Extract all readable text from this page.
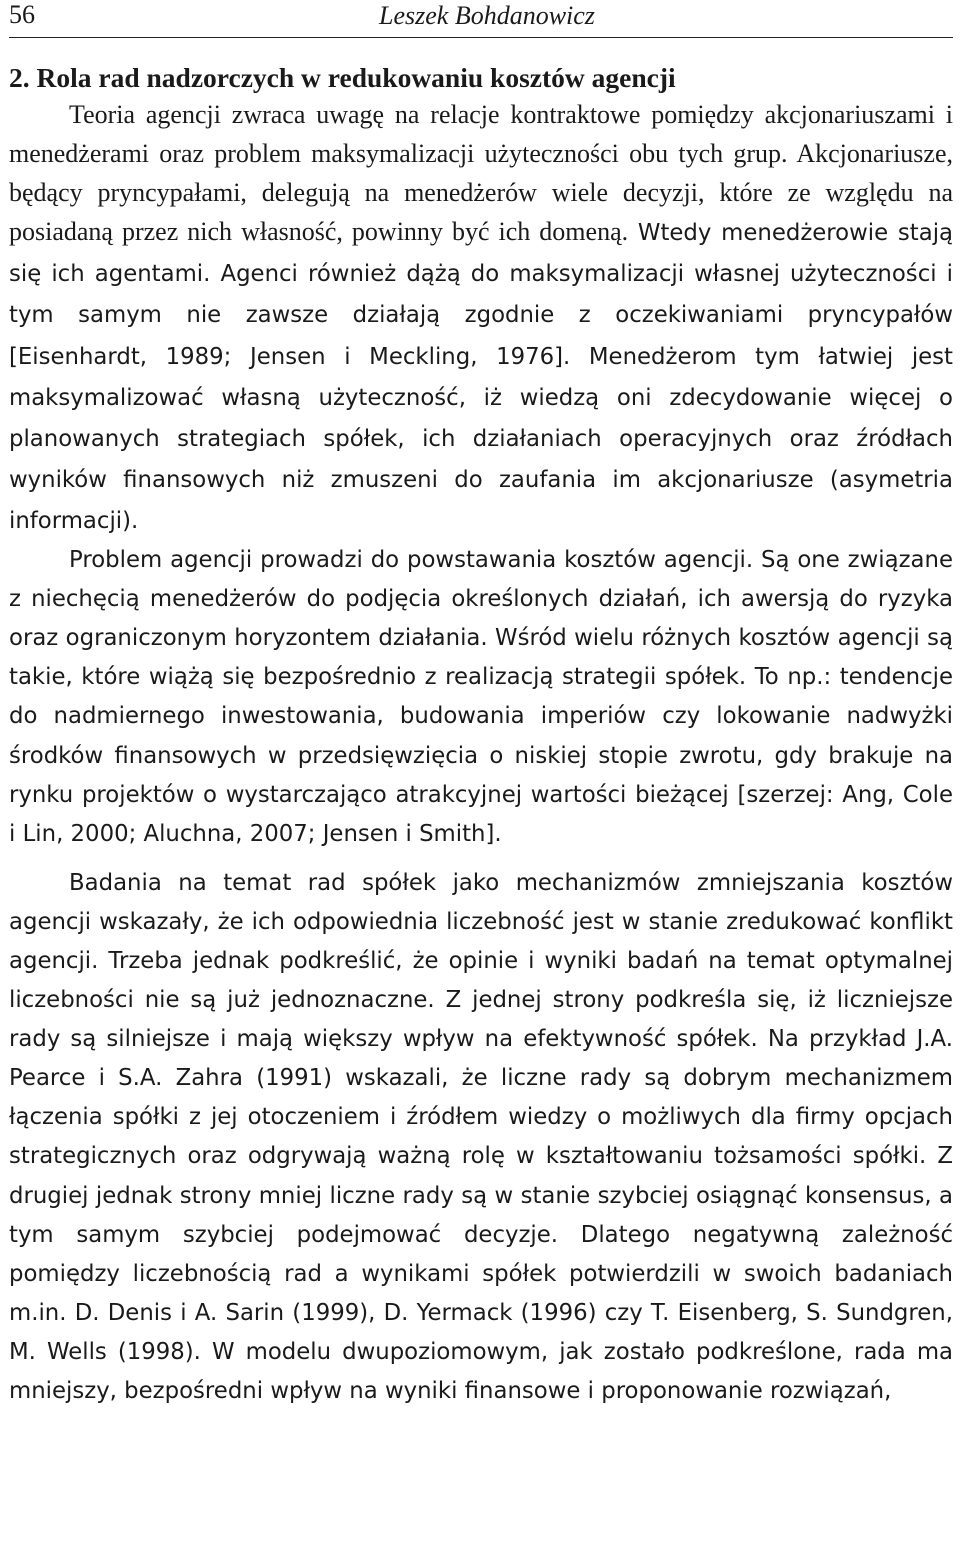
56	Leszek Bohdanowicz
2. Rola rad nadzorczych w redukowaniu kosztów agencji

Teoria agencji zwraca uwagę na relacje kontraktowe pomiędzy akcjonariuszami i menedżerami oraz problem maksymalizacji użyteczności obu tych grup. Akcjonariusze, będący pryncypałami, delegują na menedżerów wiele decyzji, które ze względu na posiadaną przez nich własność, powinny być ich domeną. Wtedy menedżerowie stają się ich agentami. Agenci również dążą do maksymalizacji własnej użyteczności i tym samym nie zawsze działają zgodnie z oczekiwaniami pryncypałów [Eisenhardt, 1989; Jensen i Meckling, 1976]. Menedżerom tym łatwiej jest maksymalizować własną użyteczność, iż wiedzą oni zdecydowanie więcej o planowanych strategiach spółek, ich działaniach operacyjnych oraz źródłach wyników finansowych niż zmuszeni do zaufania im akcjonariusze (asymetria informacji).

Problem agencji prowadzi do powstawania kosztów agencji. Są one związane z niechęcią menedżerów do podjęcia określonych działań, ich awersją do ryzyka oraz ograniczonym horyzontem działania. Wśród wielu różnych kosztów agencji są takie, które wiążą się bezpośrednio z realizacją strategii spółek. To np.: tendencje do nadmiernego inwestowania, budowania imperiów czy lokowanie nadwyżki środków finansowych w przedsięwzięcia o niskiej stopie zwrotu, gdy brakuje na rynku projektów o wystarczająco atrakcyjnej wartości bieżącej [szerzej: Ang, Cole i Lin, 2000; Aluchna, 2007; Jensen i Smith].

Badania na temat rad spółek jako mechanizmów zmniejszania kosztów agencji wskazały, że ich odpowiednia liczebność jest w stanie zredukować konflikt agencji. Trzeba jednak podkreślić, że opinie i wyniki badań na temat optymalnej liczebności nie są już jednoznaczne. Z jednej strony podkreśla się, iż liczniejsze rady są silniejsze i mają większy wpływ na efektywność spółek. Na przykład J.A. Pearce i S.A. Zahra (1991) wskazali, że liczne rady są dobrym mechanizmem łączenia spółki z jej otoczeniem i źródłem wiedzy o możliwych dla firmy opcjach strategicznych oraz odgrywają ważną rolę w kształtowaniu tożsamości spółki. Z drugiej jednak strony mniej liczne rady są w stanie szybciej osiągnąć konsensus, a tym samym szybciej podejmować decyzje. Dlatego negatywną zależność pomiędzy liczebnością rad a wynikami spółek potwierdzili w swoich badaniach m.in. D. Denis i A. Sarin (1999), D. Yermack (1996) czy T. Eisenberg, S. Sundgren, M. Wells (1998). W modelu dwupoziomowym, jak zostało podkreślone, rada ma mniejszy, bezpośredni wpływ na wyniki finansowe i proponowanie rozwiązań,
